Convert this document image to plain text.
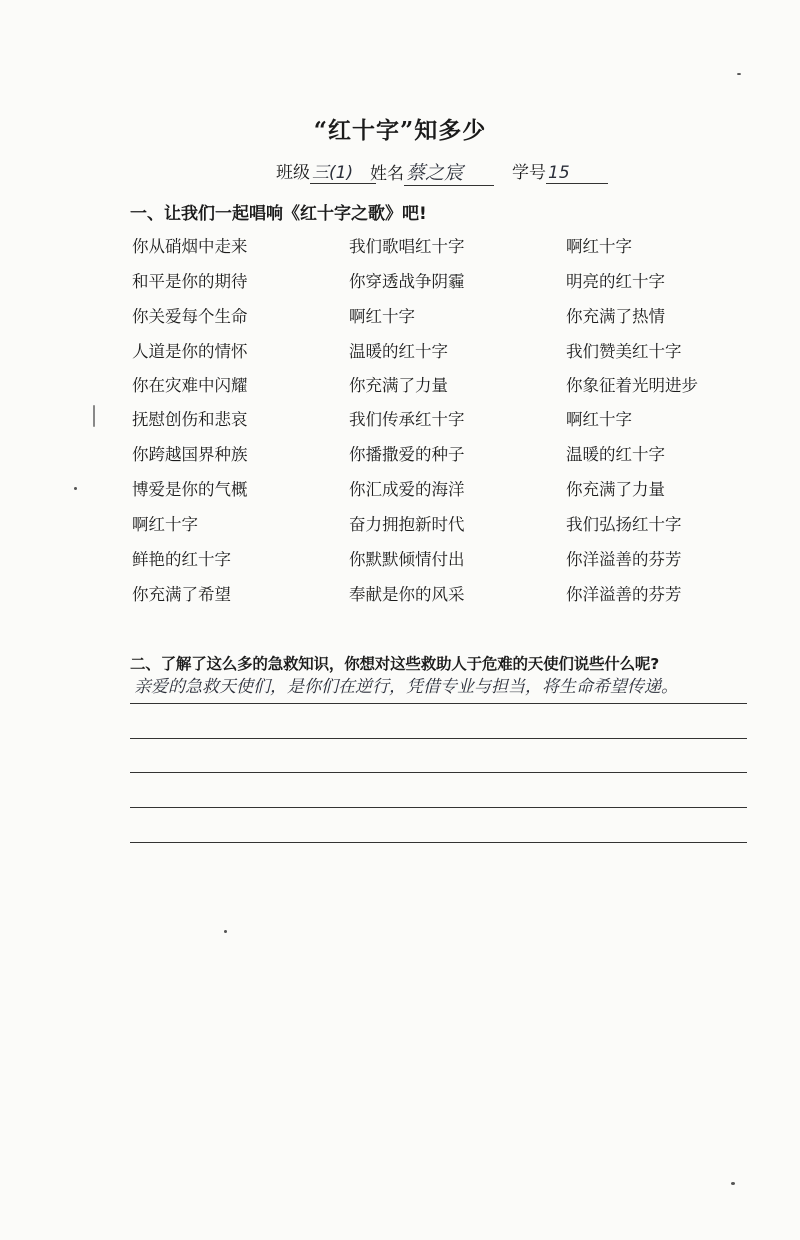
“红十字”知多少
班级 三(1) 姓名 蔡之宸	学号 15
一、让我们一起唱响《红十字之歌》吧!
你从硝烟中走来
和平是你的期待
你关爱每个生命
人道是你的情怀
你在灾难中闪耀
抚慰创伤和悲哀
你跨越国界种族
博爱是你的气概
啊红十字
鲜艳的红十字
你充满了希望
我们歌唱红十字
你穿透战争阴霾
啊红十字
温暖的红十字
你充满了力量
我们传承红十字
你播撒爱的种子
你汇成爱的海洋
奋力拥抱新时代
你默默倾情付出
奉献是你的风采
啊红十字
明亮的红十字
你充满了热情
我们赞美红十字
你象征着光明进步
啊红十字
温暖的红十字
你充满了力量
我们弘扬红十字
你洋溢善的芬芳
你洋溢善的芬芳
二、了解了这么多的急救知识，你想对这些救助人于危难的天使们说些什么呢?
亲爱的急救天使们，是你们在逆行，凭借专业与担当，将生命希望传递。
